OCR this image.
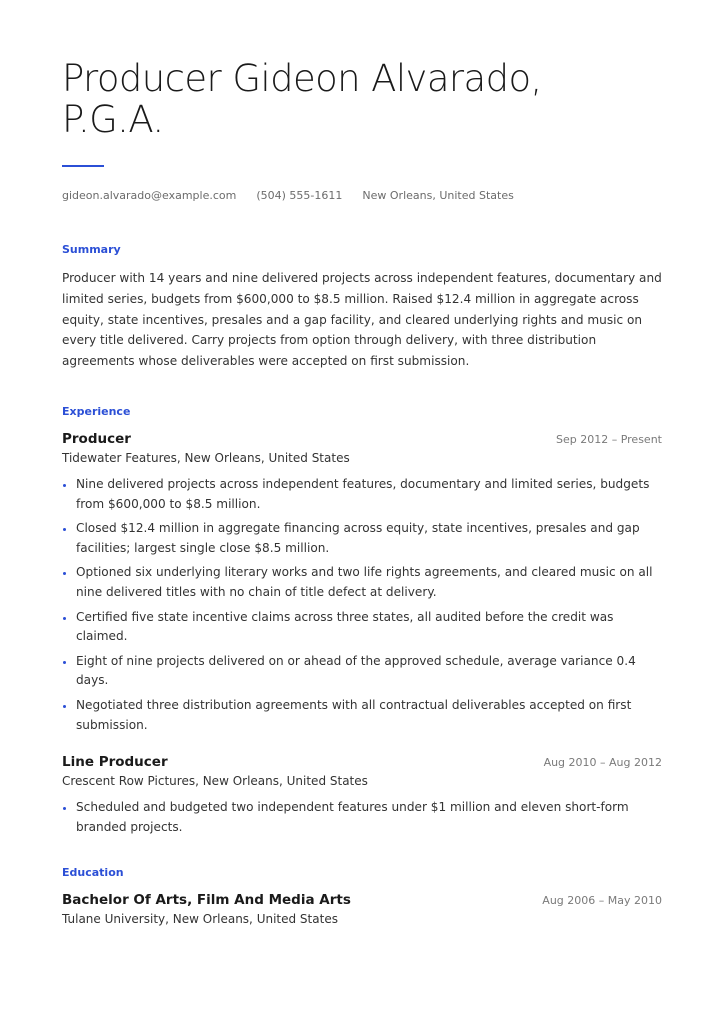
Producer Gideon Alvarado, P.G.A.
gideon.alvarado@example.com (504) 555-1611 New Orleans, United States
Summary

Producer with 14 years and nine delivered projects across independent features, documentary and limited series, budgets from $600,000 to $8.5 million. Raised $12.4 million in aggregate across equity, state incentives, presales and a gap facility, and cleared underlying rights and music on every title delivered. Carry projects from option through delivery, with three distribution agreements whose deliverables were accepted on first submission.

Experience
Producer	Sep 2012 – Present
Tidewater Features, New Orleans, United States
Nine delivered projects across independent features, documentary and limited series, budgets from $600,000 to $8.5 million.
Closed $12.4 million in aggregate financing across equity, state incentives, presales and gap facilities; largest single close $8.5 million.
Optioned six underlying literary works and two life rights agreements, and cleared music on all nine delivered titles with no chain of title defect at delivery.
Certified five state incentive claims across three states, all audited before the credit was claimed.
Eight of nine projects delivered on or ahead of the approved schedule, average variance 0.4 days.
Negotiated three distribution agreements with all contractual deliverables accepted on first submission.
Line Producer	Aug 2010 – Aug 2012
Crescent Row Pictures, New Orleans, United States
Scheduled and budgeted two independent features under $1 million and eleven short-form branded projects.
Education
Bachelor Of Arts, Film And Media Arts	Aug 2006 – May 2010
Tulane University, New Orleans, United States
